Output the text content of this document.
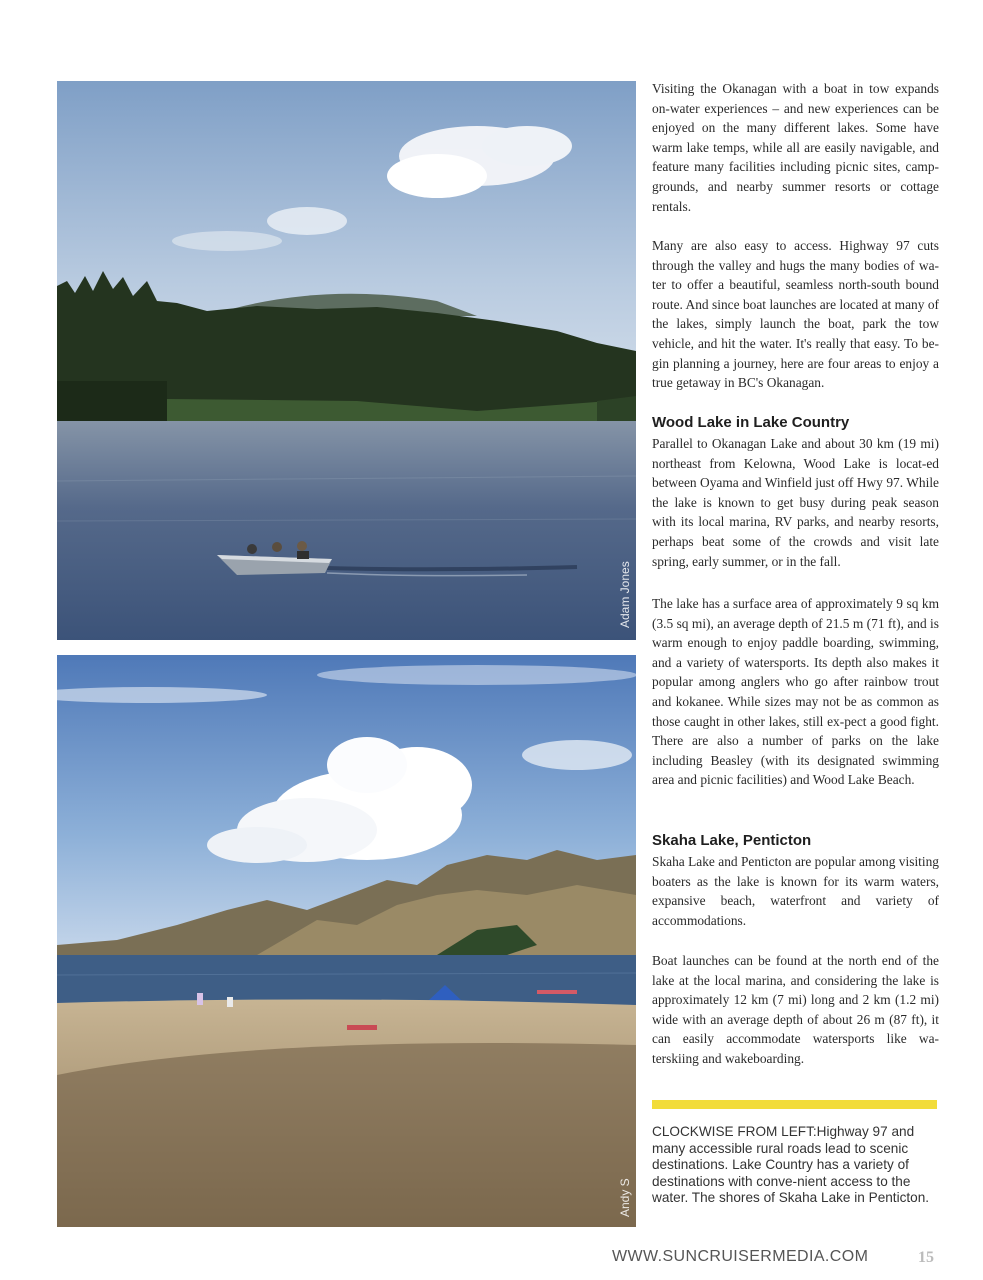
Adam Jones
Andy S

Visiting the Okanagan with a boat in tow expands on-water experiences – and new experiences can be enjoyed on the many different lakes. Some have warm lake temps, while all are easily navigable, and feature many facilities including picnic sites, camp-grounds, and nearby summer resorts or cottage rentals.

Many are also easy to access. Highway 97 cuts through the valley and hugs the many bodies of wa-ter to offer a beautiful, seamless north-south bound route. And since boat launches are located at many of the lakes, simply launch the boat, park the tow vehicle, and hit the water. It's really that easy. To be-gin planning a journey, here are four areas to enjoy a true getaway in BC's Okanagan.

Wood Lake in Lake Country

Parallel to Okanagan Lake and about 30 km (19 mi) northeast from Kelowna, Wood Lake is locat-ed between Oyama and Winfield just off Hwy 97. While the lake is known to get busy during peak season with its local marina, RV parks, and nearby resorts, perhaps beat some of the crowds and visit late spring, early summer, or in the fall.

The lake has a surface area of approximately 9 sq km (3.5 sq mi), an average depth of 21.5 m (71 ft), and is warm enough to enjoy paddle boarding, swimming, and a variety of watersports. Its depth also makes it popular among anglers who go after rainbow trout and kokanee. While sizes may not be as common as those caught in other lakes, still ex-pect a good fight. There are also a number of parks on the lake including Beasley (with its designated swimming area and picnic facilities) and Wood Lake Beach.

Skaha Lake, Penticton

Skaha Lake and Penticton are popular among visiting boaters as the lake is known for its warm waters, expansive beach, waterfront and variety of accommodations.

Boat launches can be found at the north end of the lake at the local marina, and considering the lake is approximately 12 km (7 mi) long and 2 km (1.2 mi) wide with an average depth of about 26 m (87 ft), it can easily accommodate watersports like wa-terskiing and wakeboarding.

CLOCKWISE FROM LEFT:Highway 97 and many accessible rural roads lead to scenic destinations. Lake Country has a variety of destinations with conve-nient access to the water. The shores of Skaha Lake in Penticton.

WWW.SUNCRUISERMEDIA.COM	15
